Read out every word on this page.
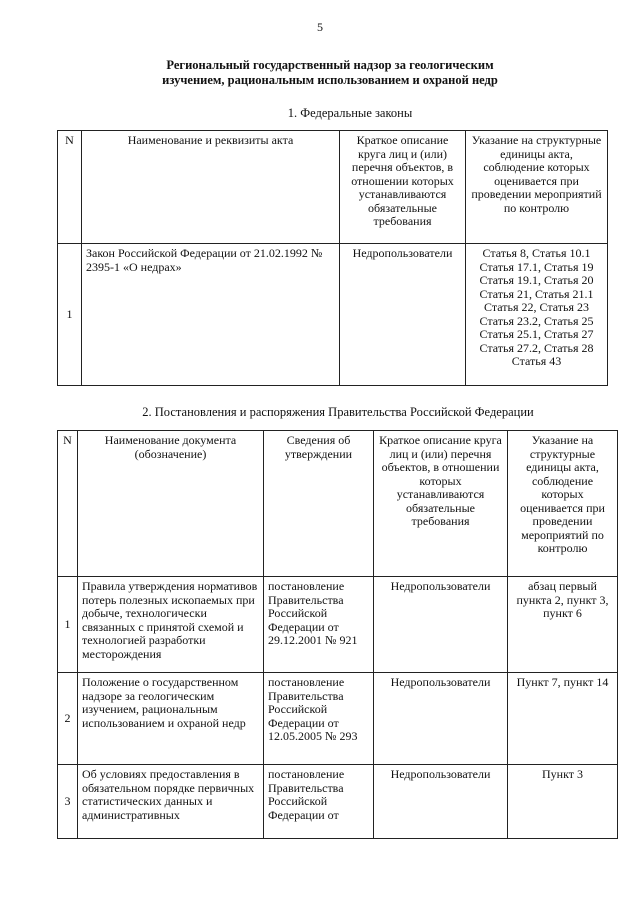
5
Региональный государственный надзор за геологическим
изучением, рациональным использованием и охраной недр
1. Федеральные законы
N	Наименование и реквизиты акта	Краткое описание круга лиц и (или) перечня объектов, в отношении которых устанавливаются обязательные требования	Указание на структурные единицы акта, соблюдение которых оценивается при проведении мероприятий по контролю
1	Закон Российской Федерации от 21.02.1992 № 2395-1 «О недрах»	Недропользователи	Статья 8, Статья 10.1 Статья 17.1, Статья 19 Статья 19.1, Статья 20 Статья 21, Статья 21.1 Статья 22, Статья 23 Статья 23.2, Статья 25 Статья 25.1, Статья 27 Статья 27.2, Статья 28 Статья 43
2. Постановления и распоряжения Правительства Российской Федерации
N	Наименование документа (обозначение)	Сведения об утверждении	Краткое описание круга лиц и (или) перечня объектов, в отношении которых устанавливаются обязательные требования	Указание на структурные единицы акта, соблюдение которых оценивается при проведении мероприятий по контролю
1	Правила утверждения нормативов потерь полезных ископаемых при добыче, технологически связанных с принятой схемой и технологией разработки месторождения	постановление Правительства Российской Федерации от 29.12.2001 № 921	Недропользователи	абзац первый пункта 2, пункт 3, пункт 6
2	Положение о государственном надзоре за геологическим изучением, рациональным использованием и охраной недр	постановление Правительства Российской Федерации от 12.05.2005 № 293	Недропользователи	Пункт 7, пункт 14
3	Об условиях предоставления в обязательном порядке первичных статистических данных и административных	постановление Правительства Российской Федерации от	Недропользователи	Пункт 3
